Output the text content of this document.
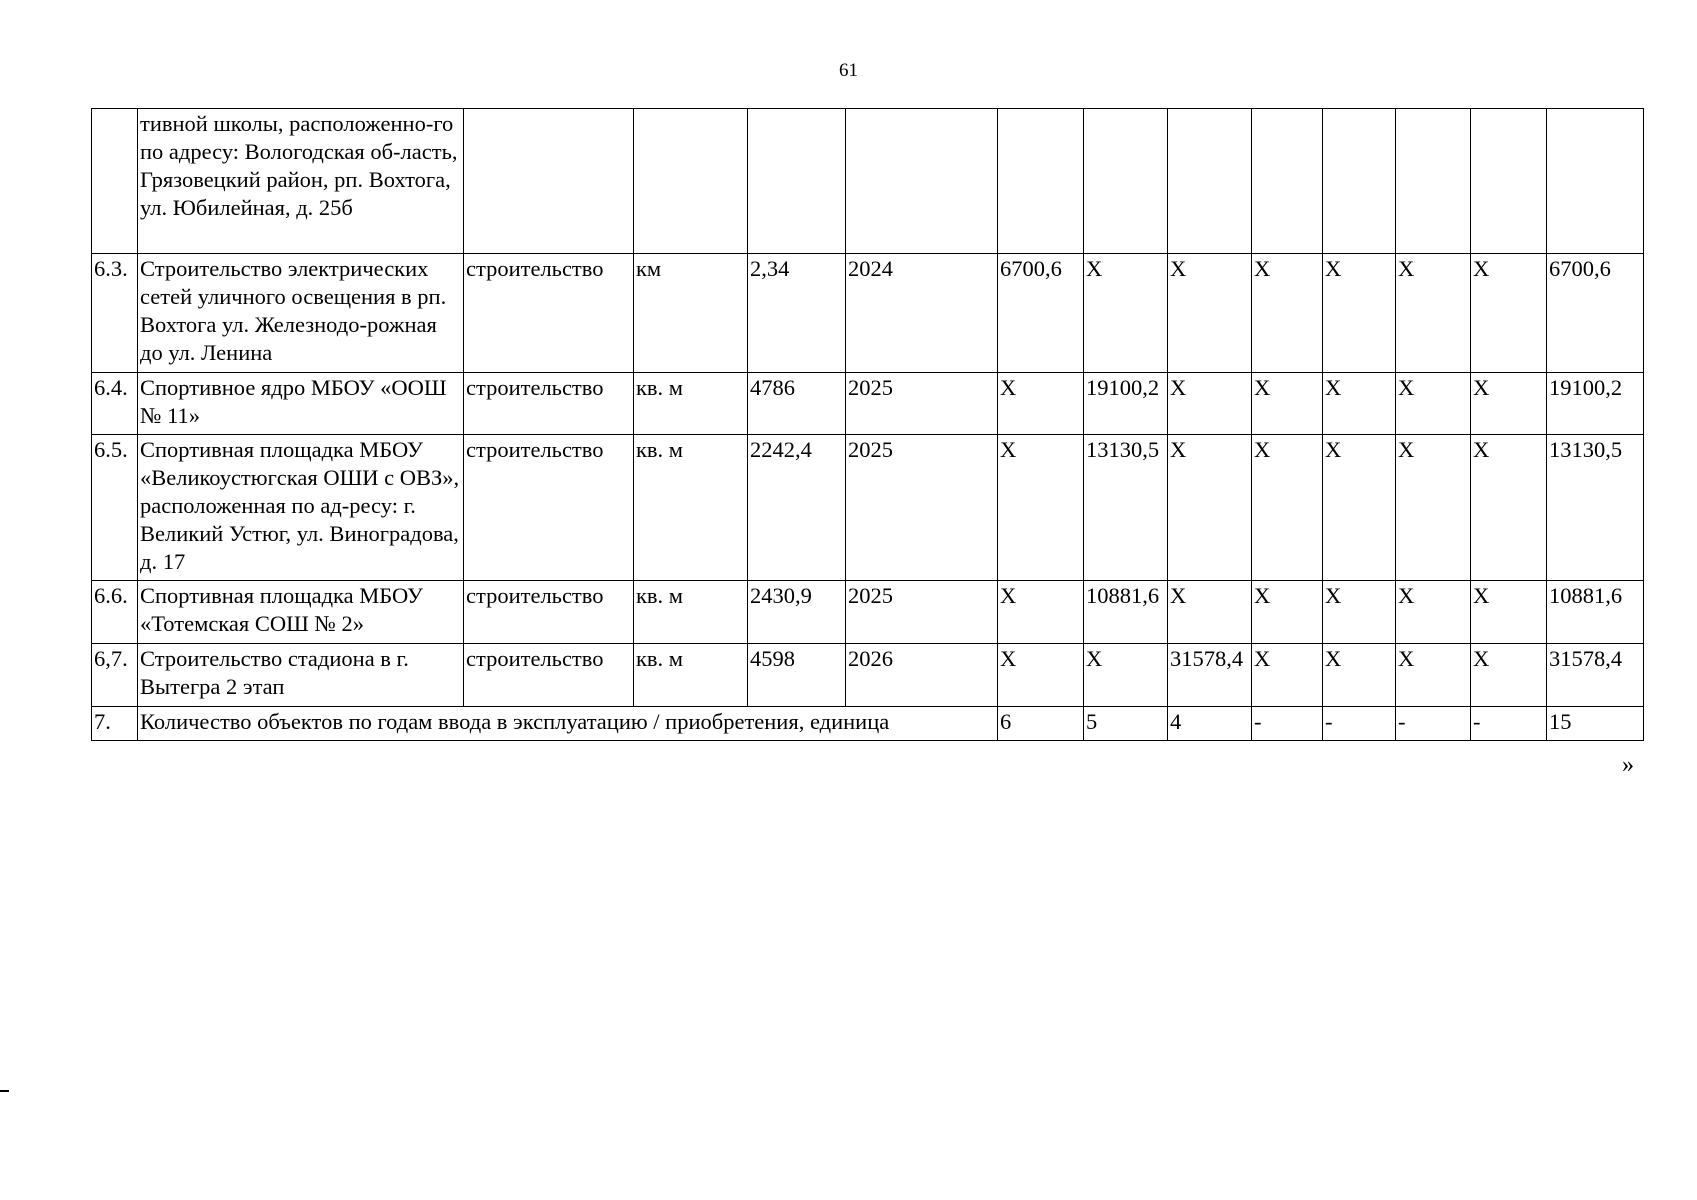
61
	тивной школы, расположенно-го по адресу: Вологодская об-ласть, Грязовецкий район, рп. Вохтога, ул. Юбилейная, д. 25б												
6.3.	Строительство электрических сетей уличного освещения в рп. Вохтога ул. Железнодо-рожная до ул. Ленина	строительство	км	2,34	2024	6700,6	X	X	X	X	X	X	6700,6
6.4.	Спортивное ядро МБОУ «ООШ № 11»	строительство	кв. м	4786	2025	X	19100,2	X	X	X	X	X	19100,2
6.5.	Спортивная площадка МБОУ «Великоустюгская ОШИ с ОВЗ», расположенная по ад-ресу: г. Великий Устюг, ул. Виноградова, д. 17	строительство	кв. м	2242,4	2025	X	13130,5	X	X	X	X	X	13130,5
6.6.	Спортивная площадка МБОУ «Тотемская СОШ № 2»	строительство	кв. м	2430,9	2025	X	10881,6	X	X	X	X	X	10881,6
6,7.	Строительство стадиона в г. Вытегра 2 этап	строительство	кв. м	4598	2026	X	X	31578,4	X	X	X	X	31578,4
7.	Количество объектов по годам ввода в эксплуатацию / приобретения, единица					6	5	4	-	-	-	-	15
»
